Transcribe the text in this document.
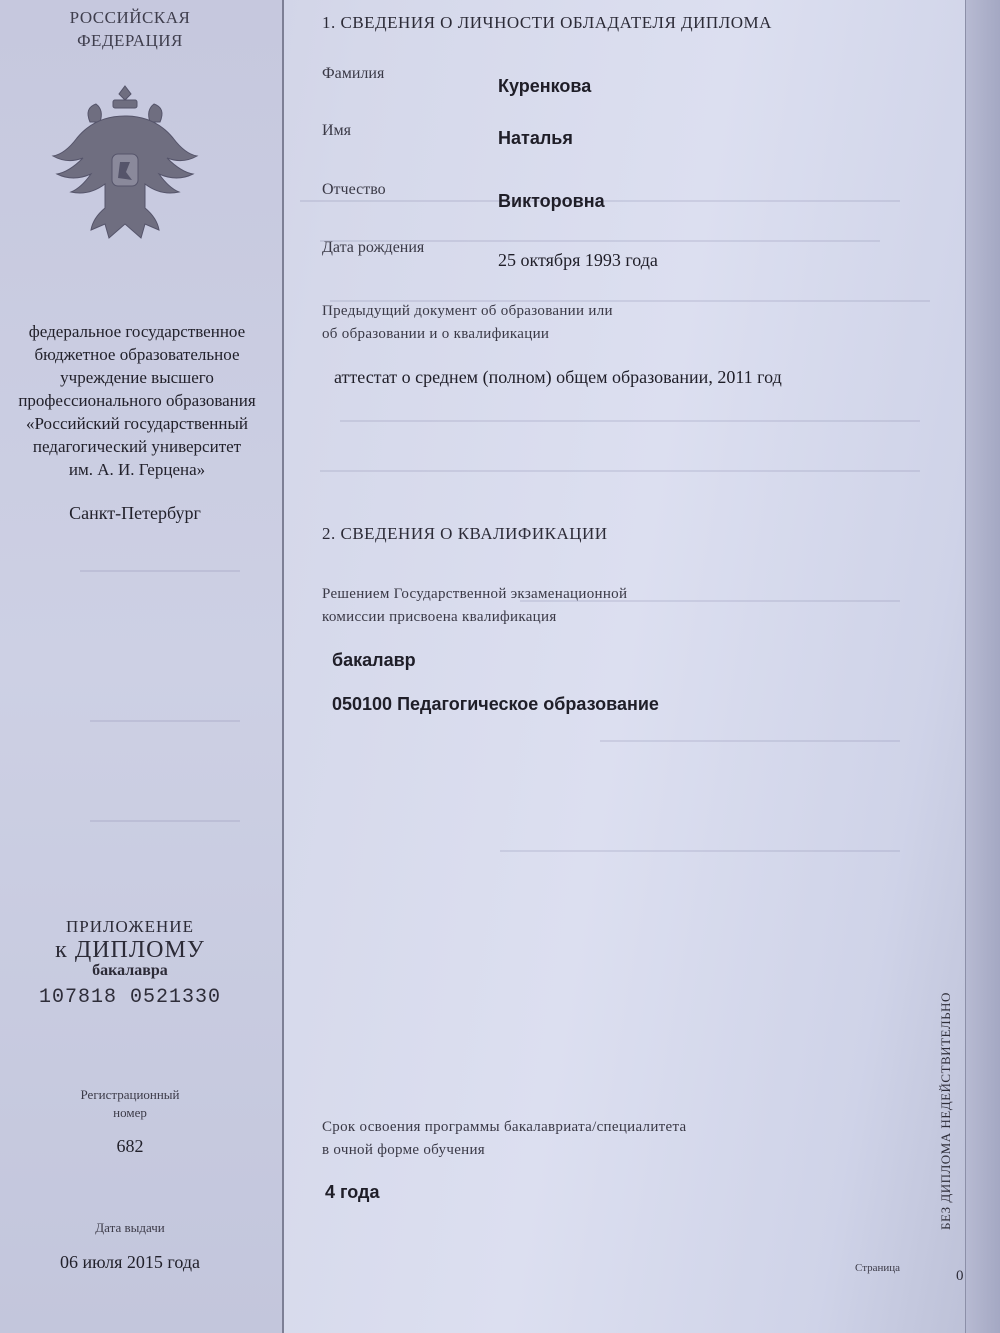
РОССИЙСКАЯ
ФЕДЕРАЦИЯ
федеральное государственное
бюджетное образовательное
учреждение высшего
профессионального образования
«Российский государственный
педагогический университет
им. А. И. Герцена»
Санкт-Петербург
ПРИЛОЖЕНИЕ
к ДИПЛОМУ
бакалавра
107818 0521330
Регистрационный
номер
682
Дата выдачи
06 июля 2015 года
1. СВЕДЕНИЯ О ЛИЧНОСТИ ОБЛАДАТЕЛЯ ДИПЛОМА
Фамилия
Куренкова
Имя	Наталья
Отчество
Викторовна
Дата рождения
25 октября 1993 года
Предыдущий документ об образовании или
об образовании и о квалификации
аттестат о среднем (полном) общем образовании, 2011 год
2. СВЕДЕНИЯ О КВАЛИФИКАЦИИ
Решением Государственной экзаменационной
комиссии присвоена квалификация
бакалавр
050100 Педагогическое образование
Срок освоения программы бакалавриата/специалитета
в очной форме обучения
4 года	БЕЗ ДИПЛОМА НЕДЕЙСТВИТЕЛЬНО
Страница	0
